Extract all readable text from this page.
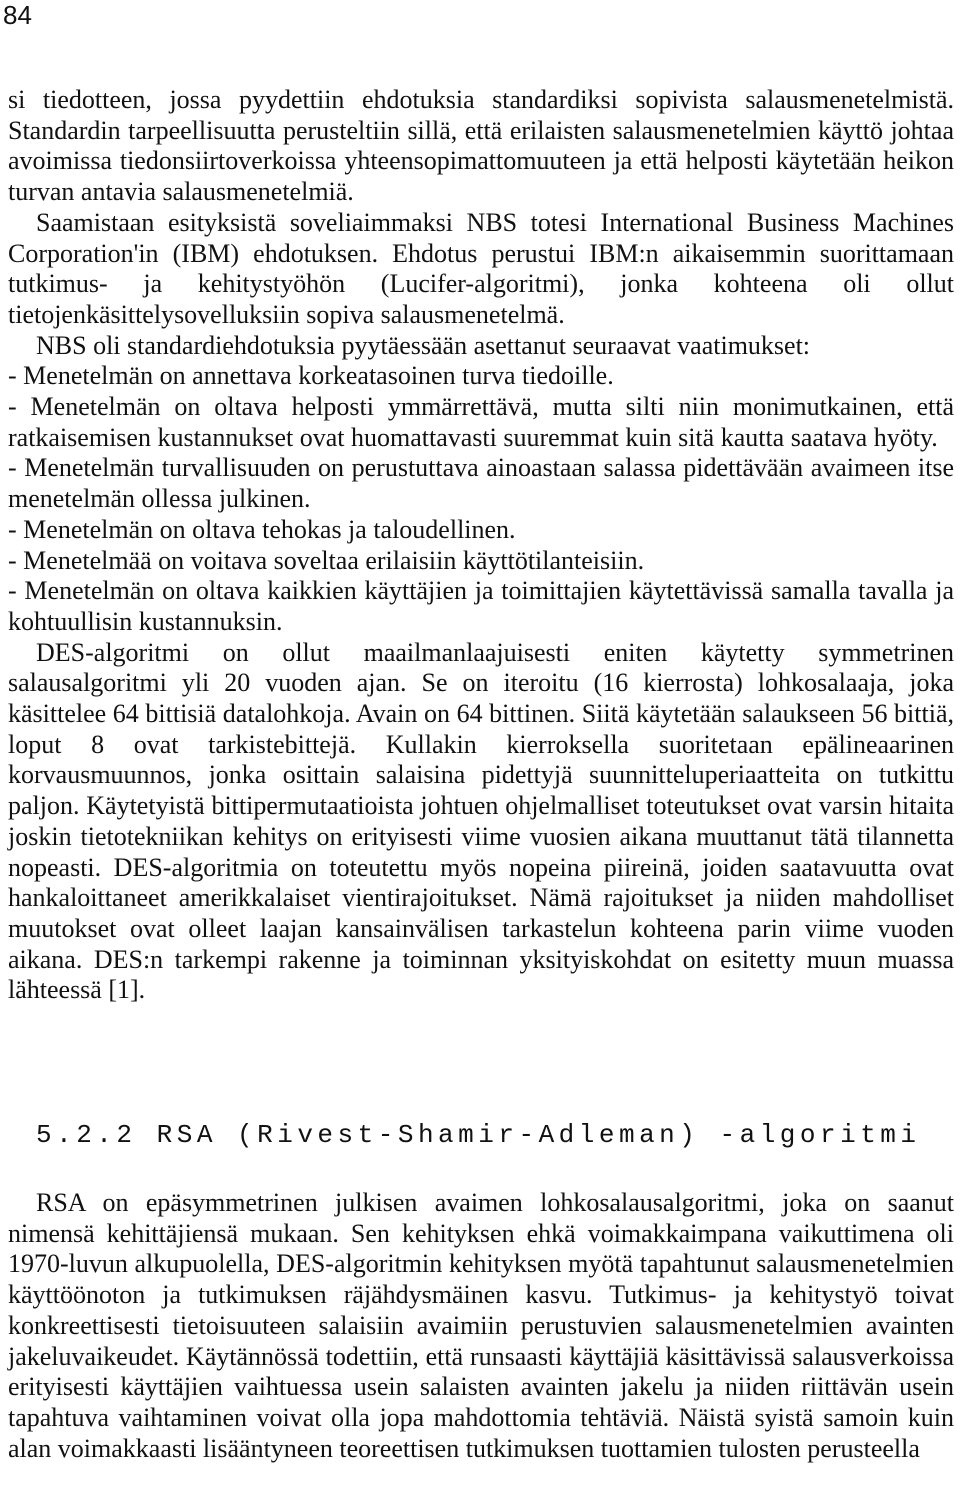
84

si tiedotteen, jossa pyydettiin ehdotuksia standardiksi sopivista salausmenetelmistä. Standardin tarpeellisuutta perusteltiin sillä, että erilaisten salausmenetelmien käyttö johtaa avoimissa tiedonsiirtoverkoissa yhteensopimattomuuteen ja että helposti käytetään heikon turvan antavia salausmenetelmiä.

Saamistaan esityksistä soveliaimmaksi NBS totesi International Business Machines Corporation'in (IBM) ehdotuksen. Ehdotus perustui IBM:n aikaisemmin suorittamaan tutkimus- ja kehitystyöhön (Lucifer-algoritmi), jonka kohteena oli ollut tietojenkäsittelysovelluksiin sopiva salausmenetelmä.

NBS oli standardiehdotuksia pyytäessään asettanut seuraavat vaatimukset:

- Menetelmän on annettava korkeatasoinen turva tiedoille.

- Menetelmän on oltava helposti ymmärrettävä, mutta silti niin monimutkainen, että ratkaisemisen kustannukset ovat huomattavasti suuremmat kuin sitä kautta saatava hyöty.

- Menetelmän turvallisuuden on perustuttava ainoastaan salassa pidettävään avaimeen itse menetelmän ollessa julkinen.

- Menetelmän on oltava tehokas ja taloudellinen.

- Menetelmää on voitava soveltaa erilaisiin käyttötilanteisiin.

- Menetelmän on oltava kaikkien käyttäjien ja toimittajien käytettävissä samalla tavalla ja kohtuullisin kustannuksin.

DES-algoritmi on ollut maailmanlaajuisesti eniten käytetty symmetrinen salausalgoritmi yli 20 vuoden ajan. Se on iteroitu (16 kierrosta) lohkosalaaja, joka käsittelee 64 bittisiä datalohkoja. Avain on 64 bittinen. Siitä käytetään salaukseen 56 bittiä, loput 8 ovat tarkistebittejä. Kullakin kierroksella suoritetaan epälineaarinen korvausmuunnos, jonka osittain salaisina pidettyjä suunnitteluperiaatteita on tutkittu paljon. Käytetyistä bittipermutaatioista johtuen ohjelmalliset toteutukset ovat varsin hitaita joskin tietotekniikan kehitys on erityisesti viime vuosien aikana muuttanut tätä tilannetta nopeasti. DES-algoritmia on toteutettu myös nopeina piireinä, joiden saatavuutta ovat hankaloittaneet amerikkalaiset vientirajoitukset. Nämä rajoitukset ja niiden mahdolliset muutokset ovat olleet laajan kansainvälisen tarkastelun kohteena parin viime vuoden aikana. DES:n tarkempi rakenne ja toiminnan yksityiskohdat on esitetty muun muassa lähteessä [1].

5.2.2 RSA (Rivest-Shamir-Adleman) -algoritmi

RSA on epäsymmetrinen julkisen avaimen lohkosalausalgoritmi, joka on saanut nimensä kehittäjiensä mukaan. Sen kehityksen ehkä voimakkaimpana vaikuttimena oli 1970-luvun alkupuolella, DES-algoritmin kehityksen myötä tapahtunut salausmenetelmien käyttöönoton ja tutkimuksen räjähdysmäinen kasvu. Tutkimus- ja kehitystyö toivat konkreettisesti tietoisuuteen salaisiin avaimiin perustuvien salausmenetelmien avainten jakeluvaikeudet. Käytännössä todettiin, että runsaasti käyttäjiä käsittävissä salausverkoissa erityisesti käyttäjien vaihtuessa usein salaisten avainten jakelu ja niiden riittävän usein tapahtuva vaihtaminen voivat olla jopa mahdottomia tehtäviä. Näistä syistä samoin kuin alan voimakkaasti lisääntyneen teoreettisen tutkimuksen tuottamien tulosten perusteella
